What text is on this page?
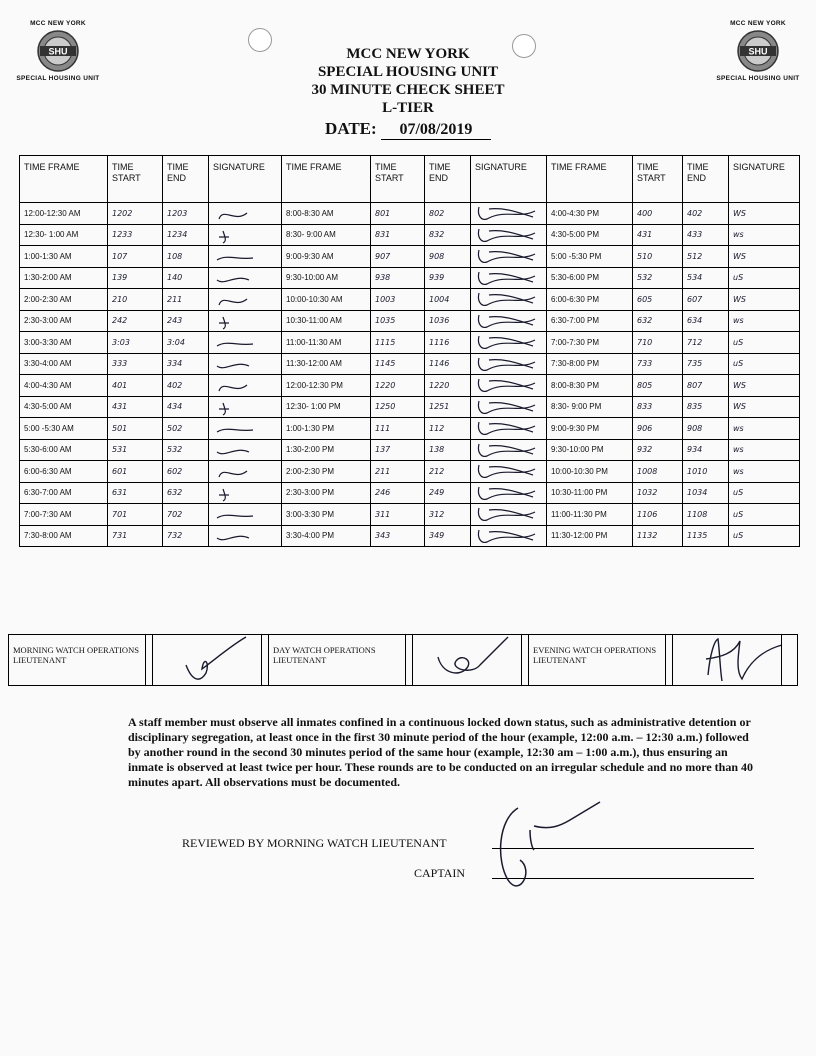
MCC NEW YORK
SHU
SPECIAL HOUSING UNIT
MCC NEW YORK
SHU
SPECIAL HOUSING UNIT
MCC NEW YORK
SPECIAL HOUSING UNIT
30 MINUTE CHECK SHEET
L-TIER
DATE: 07/08/2019
TIME FRAME	TIME START	TIME END	SIGNATURE	TIME FRAME	TIME START	TIME END	SIGNATURE	TIME FRAME	TIME START	TIME END	SIGNATURE
12:00-12:30 AM	1202	1203		8:00-8:30 AM	801	802		4:00-4:30 PM	400	402	WS
12:30- 1:00 AM	1233	1234		8:30- 9:00 AM	831	832		4:30-5:00 PM	431	433	ws
1:00-1:30 AM	107	108		9:00-9:30 AM	907	908		5:00 -5:30 PM	510	512	WS
1:30-2:00 AM	139	140		9:30-10:00 AM	938	939		5:30-6:00 PM	532	534	uS
2:00-2:30 AM	210	211		10:00-10:30 AM	1003	1004		6:00-6:30 PM	605	607	WS
2:30-3:00 AM	242	243		10:30-11:00 AM	1035	1036		6:30-7:00 PM	632	634	ws
3:00-3:30 AM	3:03	3:04		11:00-11:30 AM	1115	1116		7:00-7:30 PM	710	712	uS
3:30-4:00 AM	333	334		11:30-12:00 AM	1145	1146		7:30-8:00 PM	733	735	uS
4:00-4:30 AM	401	402		12:00-12:30 PM	1220	1220		8:00-8:30 PM	805	807	WS
4:30-5:00 AM	431	434		12:30- 1:00 PM	1250	1251		8:30- 9:00 PM	833	835	WS
5:00 -5:30 AM	501	502		1:00-1:30 PM	111	112		9:00-9:30 PM	906	908	ws
5:30-6:00 AM	531	532		1:30-2:00 PM	137	138		9:30-10:00 PM	932	934	ws
6:00-6:30 AM	601	602		2:00-2:30 PM	211	212		10:00-10:30 PM	1008	1010	ws
6:30-7:00 AM	631	632		2:30-3:00 PM	246	249		10:30-11:00 PM	1032	1034	uS
7:00-7:30 AM	701	702		3:00-3:30 PM	311	312		11:00-11:30 PM	1106	1108	uS
7:30-8:00 AM	731	732		3:30-4:00 PM	343	349		11:30-12:00 PM	1132	1135	uS
MORNING WATCH OPERATIONS LIEUTENANT
DAY WATCH OPERATIONS LIEUTENANT
EVENING WATCH OPERATIONS LIEUTENANT
A staff member must observe all inmates confined in a continuous locked down status, such as administrative detention or disciplinary segregation, at least once in the first 30 minute period of the hour (example, 12:00 a.m. – 12:30 a.m.) followed by another round in the second 30 minutes period of the same hour (example, 12:30 am – 1:00 a.m.), thus ensuring an inmate is observed at least twice per hour. These rounds are to be conducted on an irregular schedule and no more than 40 minutes apart. All observations must be documented.
REVIEWED BY MORNING WATCH LIEUTENANT
CAPTAIN
